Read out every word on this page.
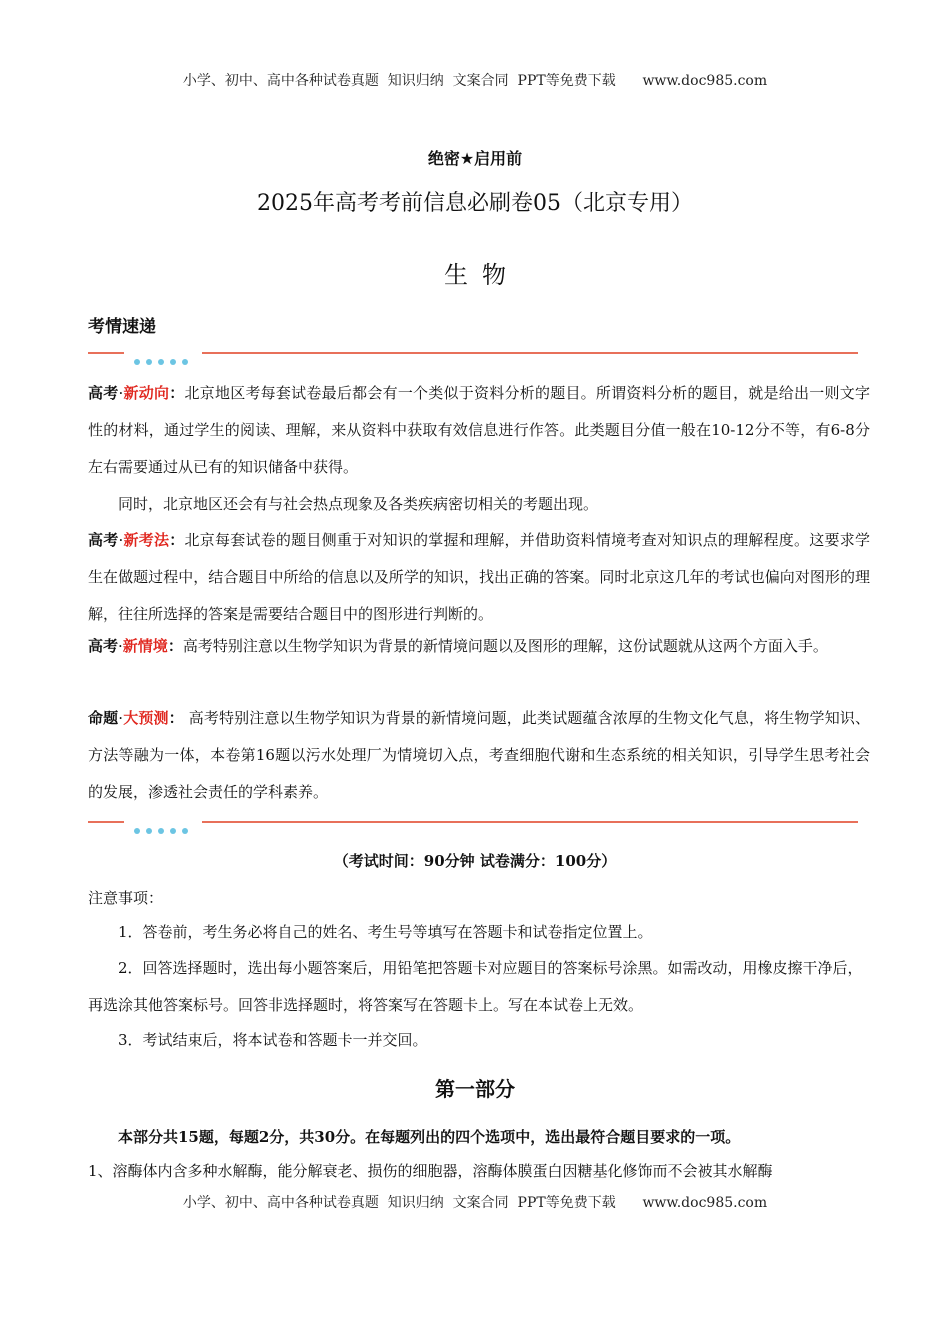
小学、初中、高中各种试卷真题  知识归纳  文案合同  PPT等免费下载      www.doc985.com
绝密★启用前
2025年高考考前信息必刷卷05（北京专用）
生物
考情速递
高考·新动向：北京地区考每套试卷最后都会有一个类似于资料分析的题目。所谓资料分析的题目，就是给出一则文字性的材料，通过学生的阅读、理解，来从资料中获取有效信息进行作答。此类题目分值一般在10-12分不等，有6-8分左右需要通过从已有的知识储备中获得。
同时，北京地区还会有与社会热点现象及各类疾病密切相关的考题出现。
高考·新考法：北京每套试卷的题目侧重于对知识的掌握和理解，并借助资料情境考查对知识点的理解程度。这要求学生在做题过程中，结合题目中所给的信息以及所学的知识，找出正确的答案。同时北京这几年的考试也偏向对图形的理解，往往所选择的答案是需要结合题目中的图形进行判断的。
高考·新情境：高考特别注意以生物学知识为背景的新情境问题以及图形的理解，这份试题就从这两个方面入手。
命题·大预测： 高考特别注意以生物学知识为背景的新情境问题，此类试题蕴含浓厚的生物文化气息，将生物学知识、方法等融为一体，本卷第16题以污水处理厂为情境切入点，考查细胞代谢和生态系统的相关知识，引导学生思考社会的发展，渗透社会责任的学科素养。
（考试时间：90分钟 试卷满分：100分）
注意事项：
1．答卷前，考生务必将自己的姓名、考生号等填写在答题卡和试卷指定位置上。
2．回答选择题时，选出每小题答案后，用铅笔把答题卡对应题目的答案标号涂黑。如需改动，用橡皮擦干净后，再选涂其他答案标号。回答非选择题时，将答案写在答题卡上。写在本试卷上无效。
3．考试结束后，将本试卷和答题卡一并交回。
第一部分
本部分共15题，每题2分，共30分。在每题列出的四个选项中，选出最符合题目要求的一项。
1、溶酶体内含多种水解酶，能分解衰老、损伤的细胞器，溶酶体膜蛋白因糖基化修饰而不会被其水解酶
小学、初中、高中各种试卷真题  知识归纳  文案合同  PPT等免费下载      www.doc985.com
